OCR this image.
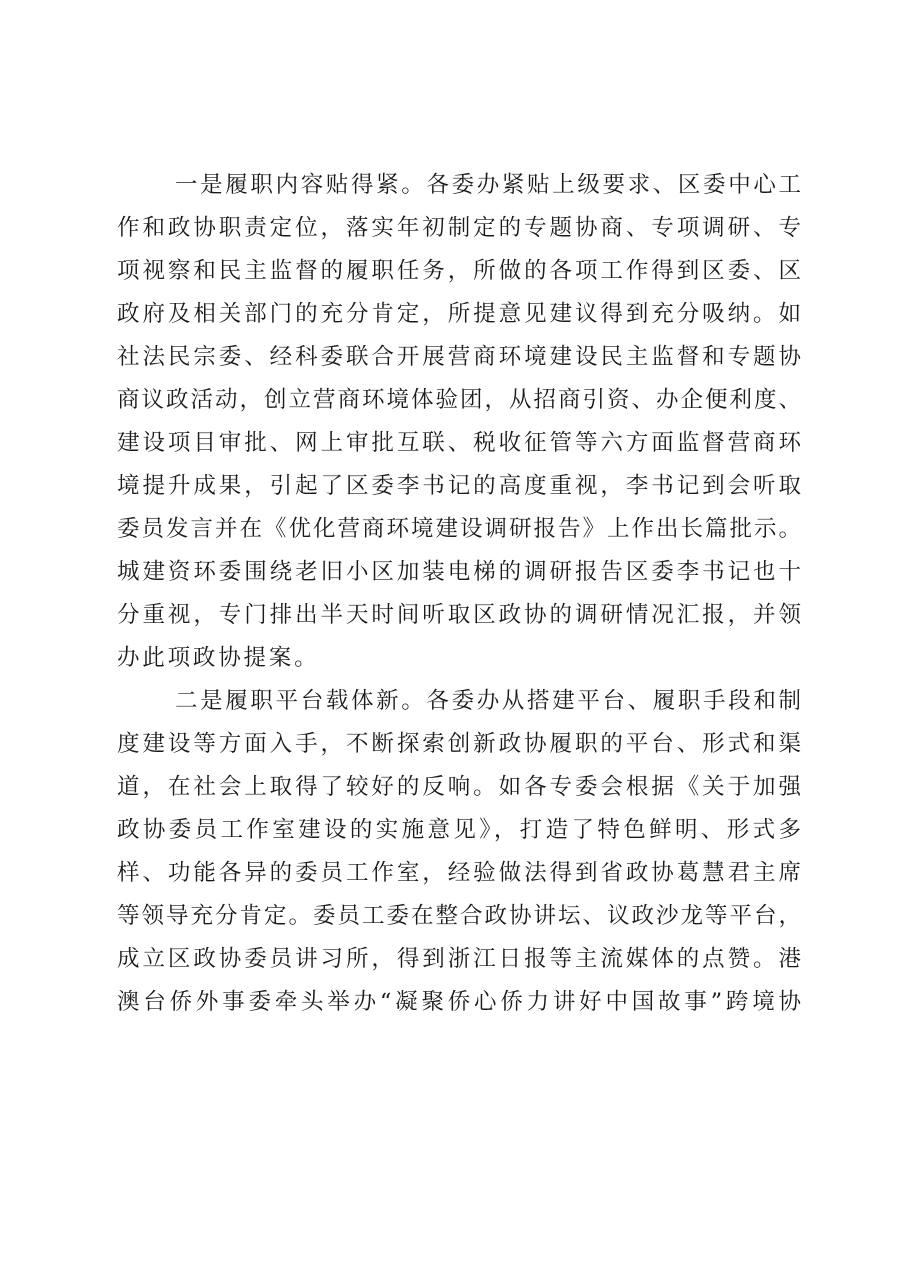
一是履职内容贴得紧。各委办紧贴上级要求、区委中心工
作和政协职责定位，落实年初制定的专题协商、专项调研、专
项视察和民主监督的履职任务，所做的各项工作得到区委、区
政府及相关部门的充分肯定，所提意见建议得到充分吸纳。如
社法民宗委、经科委联合开展营商环境建设民主监督和专题协
商议政活动，创立营商环境体验团，从招商引资、办企便利度、
建设项目审批、网上审批互联、税收征管等六方面监督营商环
境提升成果，引起了区委李书记的高度重视，李书记到会听取
委员发言并在《优化营商环境建设调研报告》上作出长篇批示。
城建资环委围绕老旧小区加装电梯的调研报告区委李书记也十
分重视，专门排出半天时间听取区政协的调研情况汇报，并领
办此项政协提案。
二是履职平台载体新。各委办从搭建平台、履职手段和制
度建设等方面入手，不断探索创新政协履职的平台、形式和渠
道，在社会上取得了较好的反响。如各专委会根据《关于加强
政协委员工作室建设的实施意见》，打造了特色鲜明、形式多
样、功能各异的委员工作室，经验做法得到省政协葛慧君主席
等领导充分肯定。委员工委在整合政协讲坛、议政沙龙等平台，
成立区政协委员讲习所，得到浙江日报等主流媒体的点赞。港
澳台侨外事委牵头举办“凝聚侨心侨力讲好中国故事”跨境协
